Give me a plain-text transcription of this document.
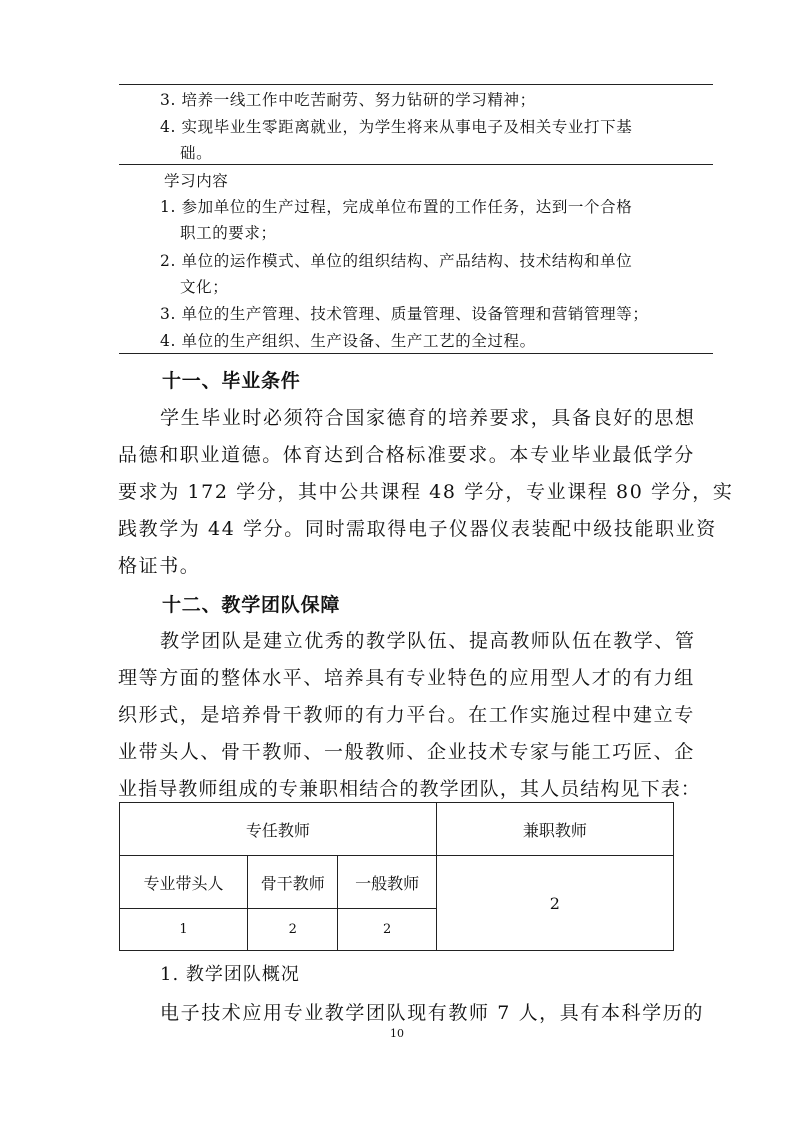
3. 培养一线工作中吃苦耐劳、努力钻研的学习精神；
4. 实现毕业生零距离就业，为学生将来从事电子及相关专业打下基
础。
学习内容
1. 参加单位的生产过程，完成单位布置的工作任务，达到一个合格
职工的要求；
2. 单位的运作模式、单位的组织结构、产品结构、技术结构和单位
文化；
3. 单位的生产管理、技术管理、质量管理、设备管理和营销管理等；
4. 单位的生产组织、生产设备、生产工艺的全过程。
十一、毕业条件
学生毕业时必须符合国家德育的培养要求，具备良好的思想
品德和职业道德。体育达到合格标准要求。本专业毕业最低学分
要求为 172 学分，其中公共课程 48 学分，专业课程 80 学分，实
践教学为 44 学分。同时需取得电子仪器仪表装配中级技能职业资
格证书。
十二、教学团队保障
教学团队是建立优秀的教学队伍、提高教师队伍在教学、管
理等方面的整体水平、培养具有专业特色的应用型人才的有力组
织形式，是培养骨干教师的有力平台。在工作实施过程中建立专
业带头人、骨干教师、一般教师、企业技术专家与能工巧匠、企
业指导教师组成的专兼职相结合的教学团队，其人员结构见下表：
专任教师			兼职教师
专业带头人	骨干教师	一般教师	2
1	2	2	
1. 教学团队概况
电子技术应用专业教学团队现有教师 7 人，具有本科学历的
10
